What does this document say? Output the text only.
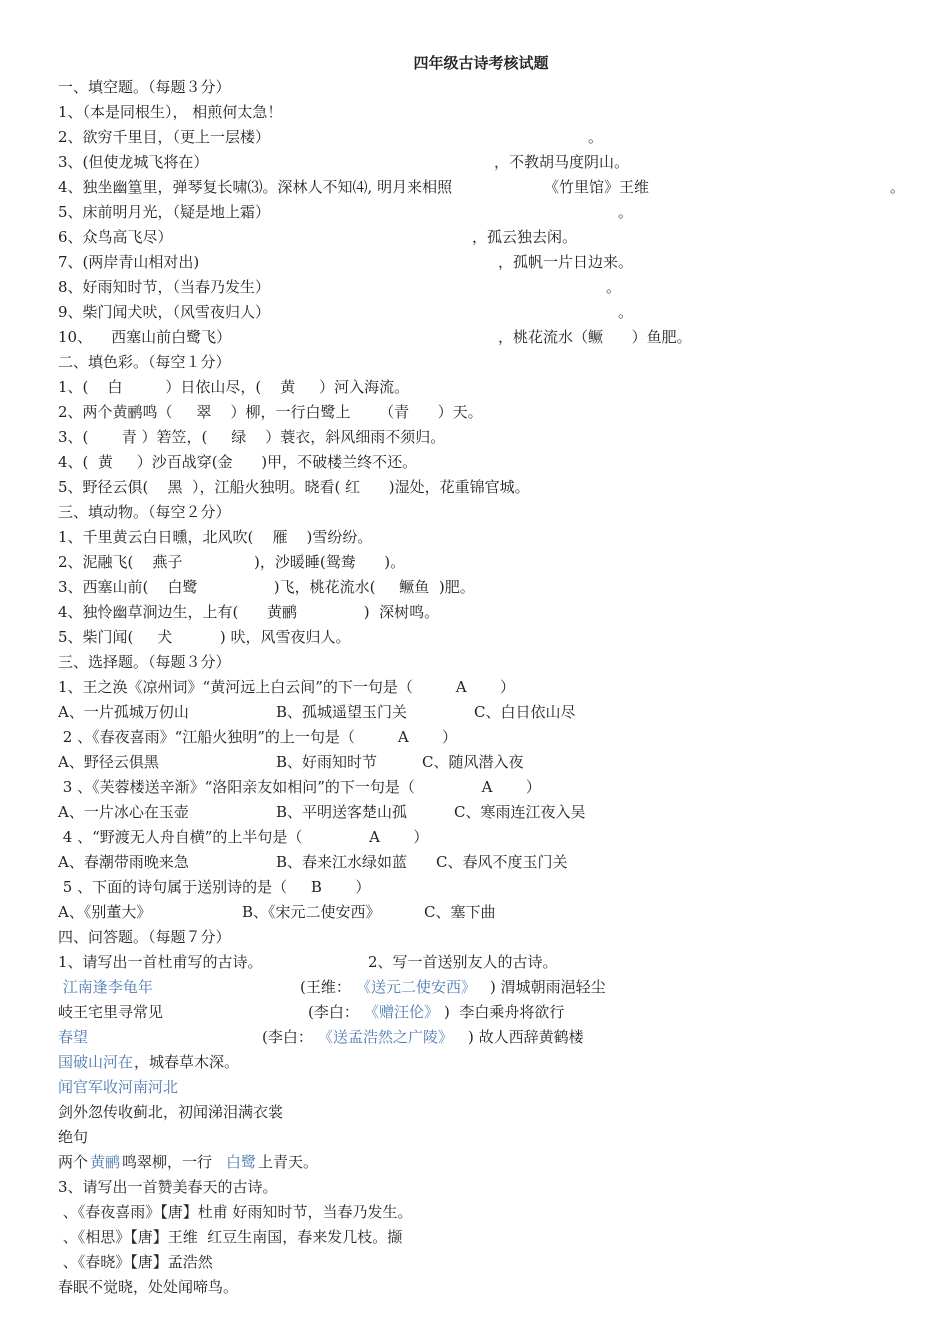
四年级古诗考核试题
一、填空题。（每题３分）
1、（本是同根生）， 相煎何太急！

2、欲穷千里目，（更上一层楼）

	。

3、(但使龙城飞将在）

	，不教胡马度阴山。

4、独坐幽篁里，弹琴复长啸⑶。深林人不知⑷, 明月来相照

	《竹里馆》王维

	。

5、床前明月光，（疑是地上霜）

	。

6、众鸟高飞尽）

	，孤云独去闲。

7、(两岸青山相对出)

	，孤帆一片日边来。

8、好雨知时节，（当春乃发生）

	。

9、柴门闻犬吠，（风雪夜归人）

	。

10、    西塞山前白鹭飞）

	，桃花流水（鳜      ）鱼肥。

二、填色彩。（每空１分）
1、(    白         ）日依山尽，(    黄     ）河入海流。
2、两个黄鹂鸣（     翠    ）柳，一行白鹭上      （青      ）天。
3、(       青 ）箬笠，(     绿    ）蓑衣，斜风细雨不须归。
4、(  黄     ）沙百战穿(金      )甲，不破楼兰终不还。
5、野径云俱(    黑  ），江船火独明。晓看( 红      )湿处，花重锦官城。
三、填动物。（每空２分）
1、千里黄云白日曛，北风吹(    雁    )雪纷纷。
2、泥融飞(    燕子               )，沙暖睡(鸳鸯      )。
3、西塞山前(    白鹭                )飞，桃花流水(     鳜鱼  )肥。
4、独怜幽草涧边生，上有(      黄鹂              )  深树鸣。
5、柴门闻(     犬          ) 吠，风雪夜归人。
三、选择题。（每题３分）
1、王之涣《凉州词》“黄河远上白云间”的下一句是（         A       ）

A、一片孤城万仞山

	B、孤城遥望玉门关

	C、白日依山尽

2 、《春夜喜雨》“江船火独明”的上一句是（         A       ）

A、野径云俱黑

	B、好雨知时节

	C、随风潜入夜

3 、《芙蓉楼送辛渐》“洛阳亲友如相问”的下一句是（              A       ）

A、一片冰心在玉壶

	B、平明送客楚山孤

	C、寒雨连江夜入吴

4 、“野渡无人舟自横”的上半句是（              A       ）

A、春潮带雨晚来急

	B、春来江水绿如蓝

C、春风不度玉门关

5 、下面的诗句属于送别诗的是（     B       ）

A、《别董大》

	B、《宋元二使安西》

	C、塞下曲

四、问答题。（每题７分）

1、请写出一首杜甫写的古诗。

	2、写一首送别友人的古诗。

江南逢李龟年

	(王维：

《送元二使安西》

) 渭城朝雨浥轻尘

岐王宅里寻常见

	(李白：

《赠汪伦》

)  李白乘舟将欲行

春望

	(李白：

《送孟浩然之广陵》

) 故人西辞黄鹤楼

国破山河在

，城春草木深。

闻官军收河南河北
剑外忽传收蓟北，初闻涕泪满衣裳
绝句

两个

黄鹂

鸣翠柳，一行

白鹭

上青天。

3、请写出一首赞美春天的古诗。
、《春夜喜雨》【唐】杜甫 好雨知时节，当春乃发生。
、《相思》【唐】王维  红豆生南国，春来发几枝。撷
、《春晓》【唐】孟浩然
春眠不觉晓，处处闻啼鸟。
